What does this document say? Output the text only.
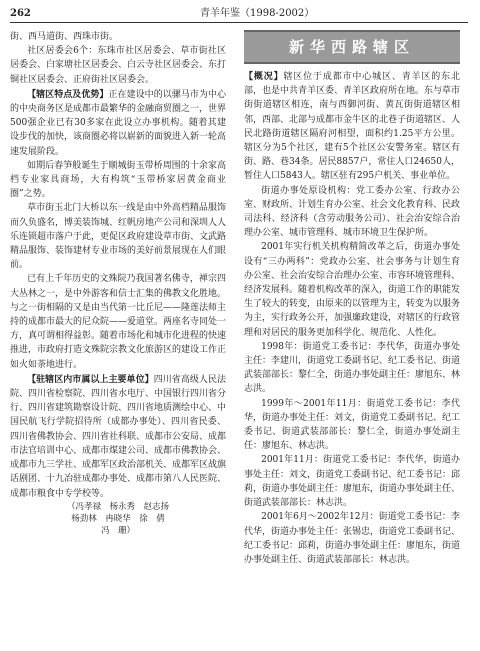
262	青羊年鉴（1998-2002）

街、西马道街、西珠市街。

社区居委会6个：东珠市社区居委会、草市街社区居委会、白家塘社区居委会、白云寺社区居委会、东打铜社区居委会、正府街社区居委会。

【辖区特点及优势】正在建设中的以骡马市为中心的中央商务区是成都市最繁华的金融商贸圈之一，世界500强企业已有30多家在此设立办事机构。随着其建设步伐的加快，该商圈必将以崭新的面貌进入新一轮高速发展阶段。

如期后春笋般诞生于顺城街玉带桥周围的十余家高档专业家具商场，大有构筑“玉带桥家居黄金商业圈”之势。

草市街玉北门大桥以东一线是由中外高档精品服饰而久负盛名，博美装饰城、红帆房地产公司和深圳人人乐连锁超市落户于此，更促区政府建设草市街、文武路精品服饰、装饰建材专业市场的美好前景展现在人们眼前。

已有上千年历史的文殊院乃我国著名佛寺，禅宗四大丛林之一，是中外游客和信士汇集的佛教文化胜地。与之一街相隔的又是由当代第一比丘尼——隆莲法师主持的成都市最大的尼众院——爱道堂。两座名寺同处一方，真可谓相得益彰。随着市场化和城市化进程的快速推进，市政府打造文殊院宗教文化旅游区的建设工作正如火如荼地进行。

【驻辖区内市属以上主要单位】四川省高级人民法院、四川省检察院、四川省水电厅、中国银行四川省分行、四川省建筑勘察设计院、四川省地质测绘中心、中国民航飞行学院招待所（成都办事处）、四川省民委、四川省佛教协会、四川省社科联、成都市公安局、成都市法官培训中心、成都市煤建公司、成都市佛教协会、成都市九三学社、成都军区政治部机关、成都军区战旗话剧团、十九冶驻成都办事处、成都市第八人民医院、成都市粮食中专学校等。

（冯孝禄　杨永秀　赵志扬
杨劲林　冉晓华　徐　倩
冯　珊）

新华西路辖区

【概况】辖区位于成都市中心城区、青羊区的东北部，也是中共青羊区委、青羊区政府所在地。东与草市街街道辖区相连，南与西御河街、黄瓦街街道辖区相邻，西部、北部与成都市金牛区的北巷子街道辖区、人民北路街道辖区隔府河相望，面积约1.25平方公里。辖区分为5个社区，建有5个社区公安警务室。辖区有街、路、巷34条。居民8857户，常住人口24650人，暂住人口5843人。辖区驻有295户机关、事业单位。

街道办事处原设机构：党工委办公室、行政办公室、财政所、计划生育办公室、社会文化教育科、民政司法科、经济科（含劳动服务公司）、社会治安综合治理办公室、城市管理科、城市环境卫生保护所。

2001年实行机关机构精简改革之后，街道办事处设有“三办两科”：党政办公室、社会事务与计划生育办公室、社会治安综合治理办公室、市容环境管理科、经济发展科。随着机构改革的深入，街道工作的职能发生了较大的转变，由原来的以管理为主，转变为以服务为主，实行政务公开，加强廉政建设，对辖区的行政管理和对居民的服务更加科学化、规范化、人性化。

1998年：街道党工委书记：李代华，街道办事处主任：李建川，街道党工委副书记、纪工委书记、街道武装部部长：黎仁全，街道办事处副主任：廖旭东、林志洪。

1999年～2001年11月：街道党工委书记：李代华，街道办事处主任：刘文，街道党工委副书记、纪工委书记、街道武装部部长：黎仁全，街道办事处副主任：廖旭东、林志洪。

2001年11月：街道党工委书记：李代华，街道办事处主任：刘文，街道党工委副书记、纪工委书记：邱莉，街道办事处副主任：廖旭东，街道办事处副主任、街道武装部部长：林志洪。

2001年6月～2002年12月：街道党工委书记：李代华，街道办事处主任：张锡忠，街道党工委副书记、纪工委书记：邱莉，街道办事处副主任：廖旭东，街道办事处副主任、街道武装部部长：林志洪。
